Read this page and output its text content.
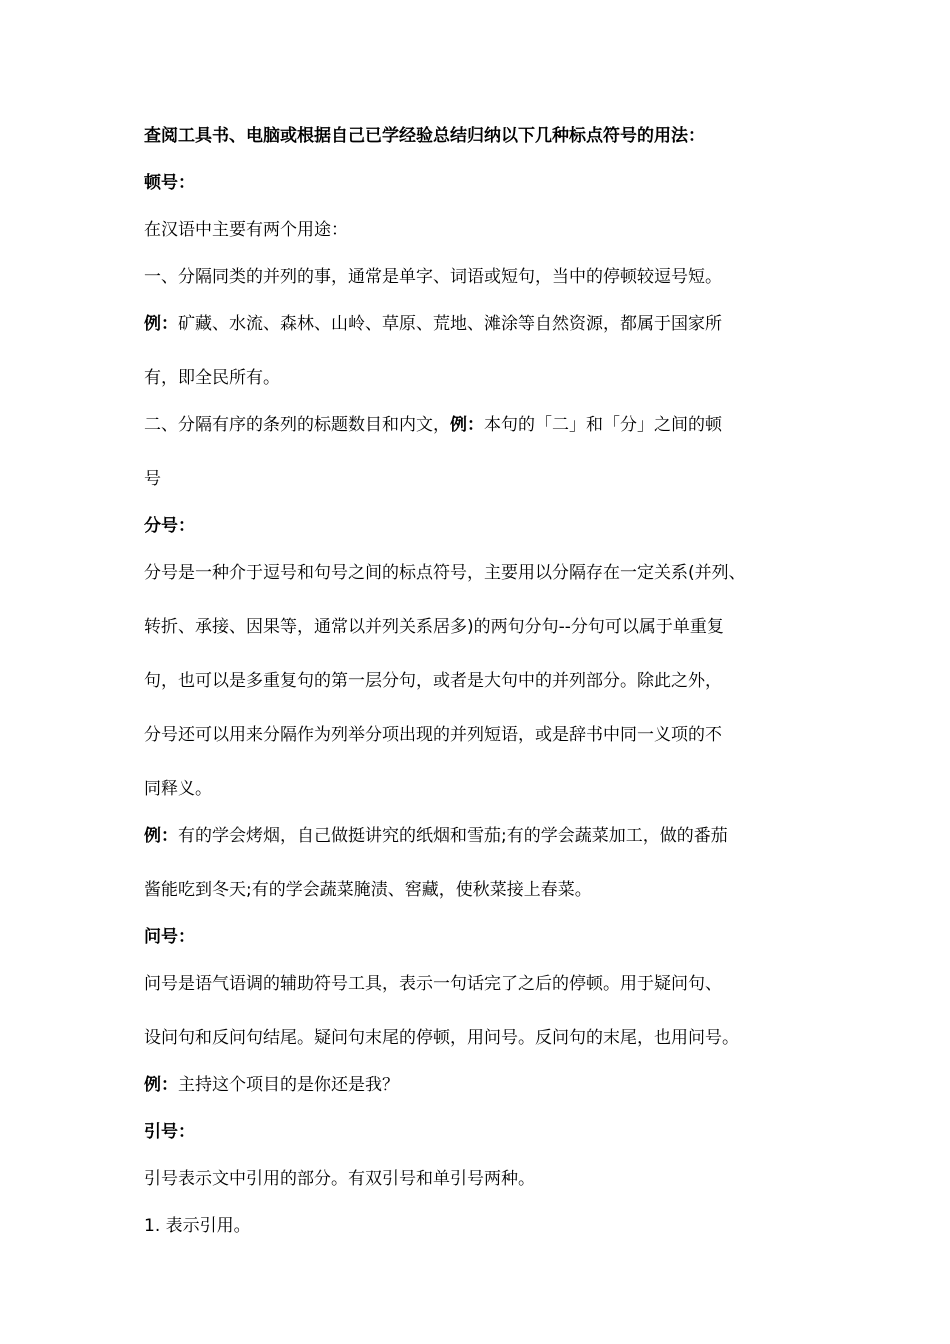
查阅工具书、电脑或根据自己已学经验总结归纳以下几种标点符号的用法：

顿号：

在汉语中主要有两个用途：

一、分隔同类的并列的事，通常是单字、词语或短句，当中的停顿较逗号短。

例：矿藏、水流、森林、山岭、草原、荒地、滩涂等自然资源，都属于国家所

有，即全民所有。

二、分隔有序的条列的标题数目和内文，例：本句的「二」和「分」之间的顿

号

分号：

分号是一种介于逗号和句号之间的标点符号，主要用以分隔存在一定关系(并列、

转折、承接、因果等，通常以并列关系居多)的两句分句--分句可以属于单重复

句，也可以是多重复句的第一层分句，或者是大句中的并列部分。除此之外，

分号还可以用来分隔作为列举分项出现的并列短语，或是辞书中同一义项的不

同释义。

例：有的学会烤烟，自己做挺讲究的纸烟和雪茄;有的学会蔬菜加工，做的番茄

酱能吃到冬天;有的学会蔬菜腌渍、窖藏，使秋菜接上春菜。

问号：

问号是语气语调的辅助符号工具，表示一句话完了之后的停顿。用于疑问句、

设问句和反问句结尾。疑问句末尾的停顿，用问号。反问句的末尾，也用问号。

例：主持这个项目的是你还是我？

引号：

引号表示文中引用的部分。有双引号和单引号两种。

1. 表示引用。
